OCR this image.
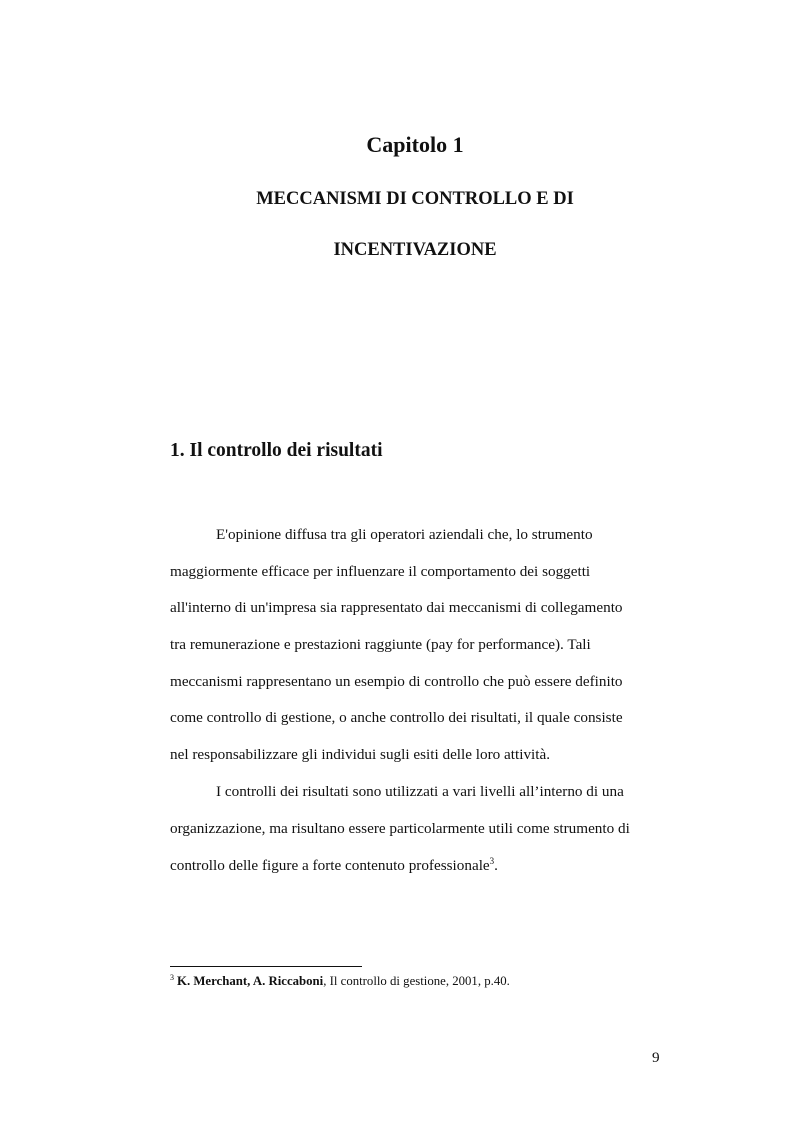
Capitolo 1
MECCANISMI DI CONTROLLO E DI
INCENTIVAZIONE
1. Il controllo dei risultati

E'opinione diffusa tra gli operatori aziendali che, lo strumento

maggiormente efficace per influenzare il comportamento dei soggetti

all'interno di un'impresa sia rappresentato dai meccanismi di collegamento

tra remunerazione e prestazioni raggiunte (pay for performance). Tali

meccanismi rappresentano un esempio di controllo che può essere definito

come controllo di gestione, o anche controllo dei risultati, il quale consiste

nel responsabilizzare gli individui sugli esiti delle loro attività.

I controlli dei risultati sono utilizzati a vari livelli all’interno di una

organizzazione, ma risultano essere particolarmente utili come strumento di

controllo delle figure a forte contenuto professionale$^3$.

$^3$ K. Merchant, A. Riccaboni, Il controllo di gestione, 2001, p.40.

9
